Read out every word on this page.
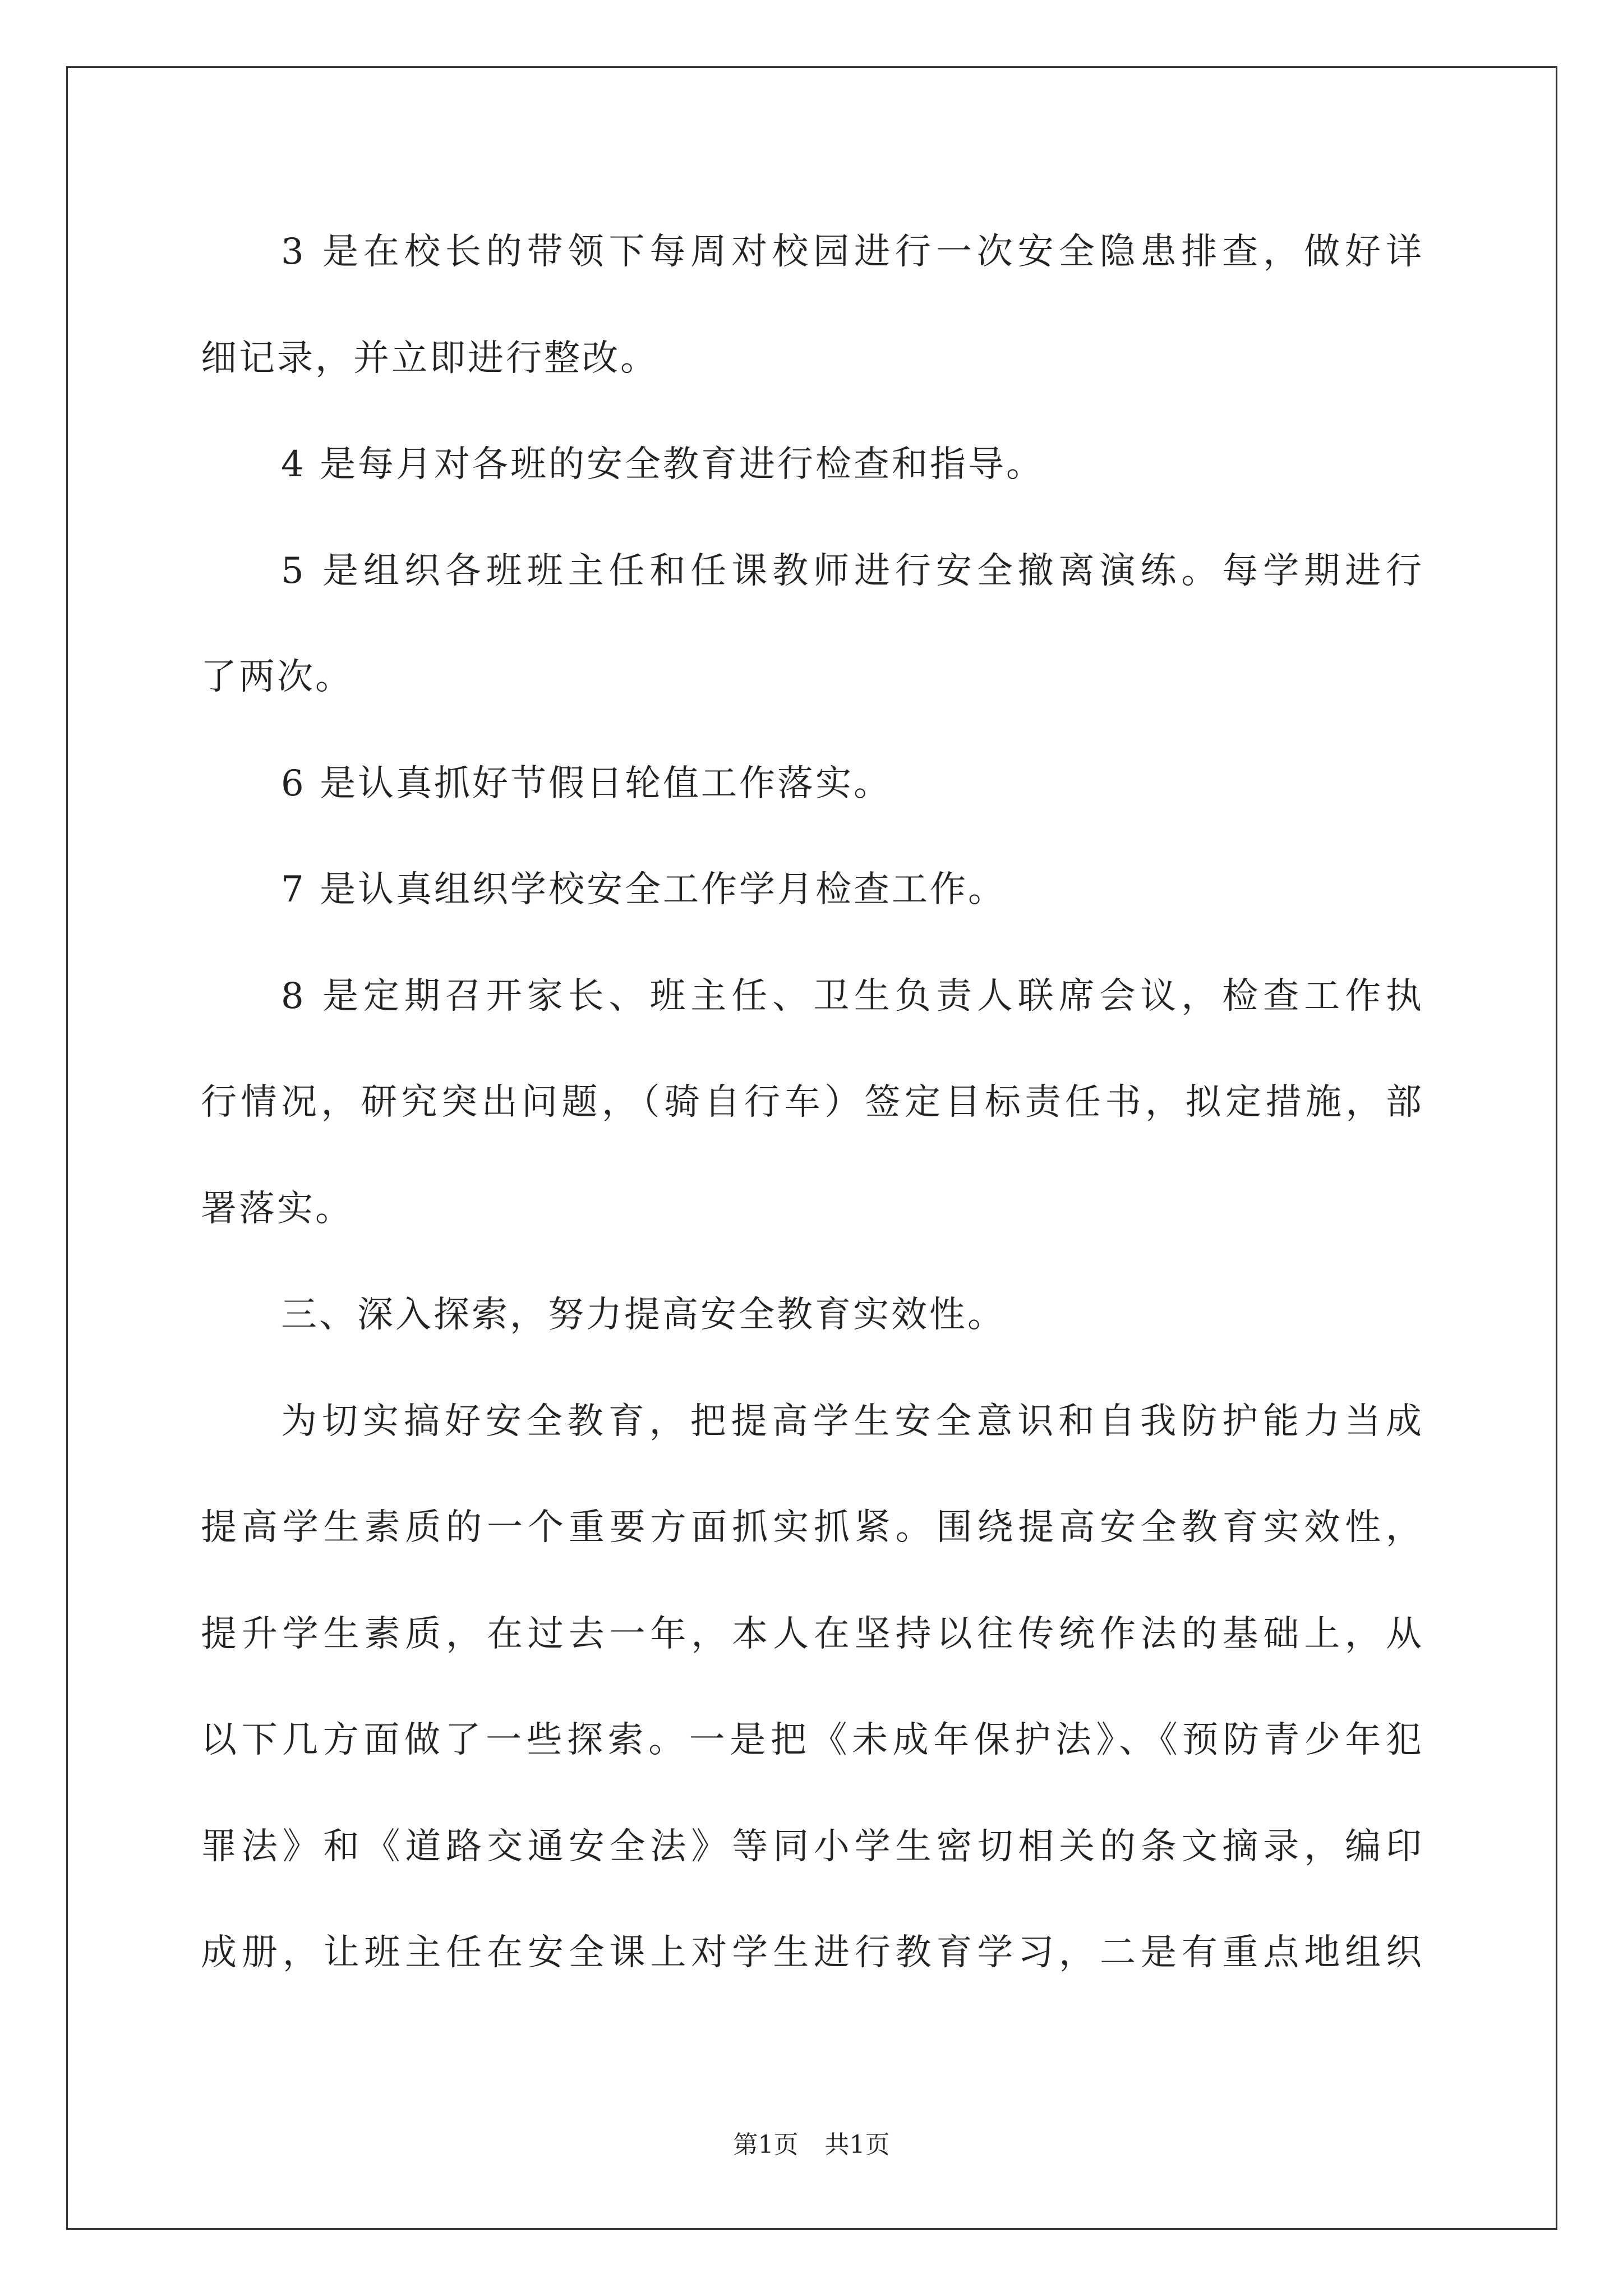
3 是在校长的带领下每周对校园进行一次安全隐患排查，做好详
细记录，并立即进行整改。
4 是每月对各班的安全教育进行检查和指导。
5 是组织各班班主任和任课教师进行安全撤离演练。每学期进行
了两次。
6 是认真抓好节假日轮值工作落实。
7 是认真组织学校安全工作学月检查工作。
8 是定期召开家长、班主任、卫生负责人联席会议，检查工作执
行情况，研究突出问题，（骑自行车）签定目标责任书，拟定措施，部
署落实。
三、深入探索，努力提高安全教育实效性。
为切实搞好安全教育，把提高学生安全意识和自我防护能力当成
提高学生素质的一个重要方面抓实抓紧。围绕提高安全教育实效性，
提升学生素质，在过去一年，本人在坚持以往传统作法的基础上，从
以下几方面做了一些探索。一是把《未成年保护法》、《预防青少年犯
罪法》和《道路交通安全法》等同小学生密切相关的条文摘录，编印
成册，让班主任在安全课上对学生进行教育学习，二是有重点地组织
第1页 共1页
